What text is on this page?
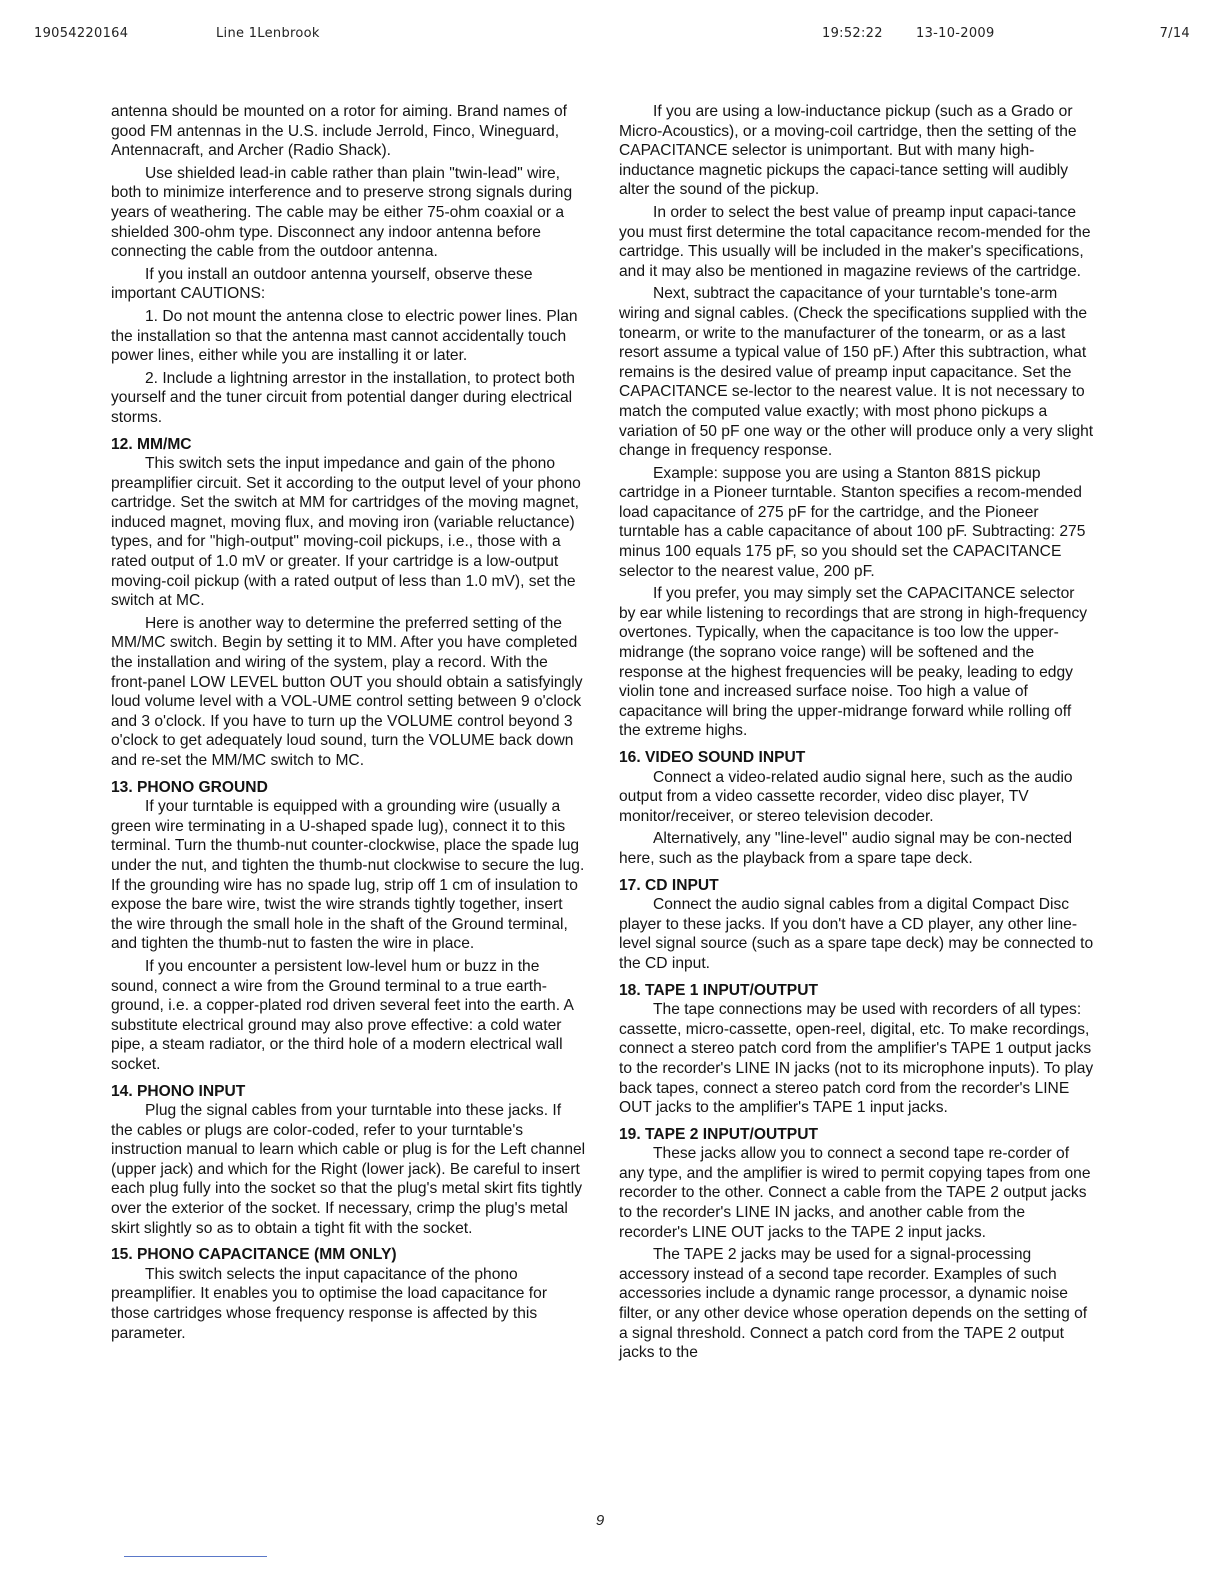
19054220164	Line 1Lenbrook	19:52:22	13-10-2009	7/14

antenna should be mounted on a rotor for aiming. Brand names of good FM antennas in the U.S. include Jerrold, Finco, Wineguard, Antennacraft, and Archer (Radio Shack).

Use shielded lead-in cable rather than plain "twin-lead" wire, both to minimize interference and to preserve strong signals during years of weathering. The cable may be either 75-ohm coaxial or a shielded 300-ohm type. Disconnect any indoor antenna before connecting the cable from the outdoor antenna.

If you install an outdoor antenna yourself, observe these important CAUTIONS:

1. Do not mount the antenna close to electric power lines. Plan the installation so that the antenna mast cannot accidentally touch power lines, either while you are installing it or later.

2. Include a lightning arrestor in the installation, to protect both yourself and the tuner circuit from potential danger during electrical storms.

12. MM/MC

This switch sets the input impedance and gain of the phono preamplifier circuit. Set it according to the output level of your phono cartridge. Set the switch at MM for cartridges of the moving magnet, induced magnet, moving flux, and moving iron (variable reluctance) types, and for "high-output" moving-coil pickups, i.e., those with a rated output of 1.0 mV or greater. If your cartridge is a low-output moving-coil pickup (with a rated output of less than 1.0 mV), set the switch at MC.

Here is another way to determine the preferred setting of the MM/MC switch. Begin by setting it to MM. After you have completed the installation and wiring of the system, play a record. With the front-panel LOW LEVEL button OUT you should obtain a satisfyingly loud volume level with a VOL-UME control setting between 9 o'clock and 3 o'clock. If you have to turn up the VOLUME control beyond 3 o'clock to get adequately loud sound, turn the VOLUME back down and re-set the MM/MC switch to MC.

13. PHONO GROUND

If your turntable is equipped with a grounding wire (usually a green wire terminating in a U-shaped spade lug), connect it to this terminal. Turn the thumb-nut counter-clockwise, place the spade lug under the nut, and tighten the thumb-nut clockwise to secure the lug. If the grounding wire has no spade lug, strip off 1 cm of insulation to expose the bare wire, twist the wire strands tightly together, insert the wire through the small hole in the shaft of the Ground terminal, and tighten the thumb-nut to fasten the wire in place.

If you encounter a persistent low-level hum or buzz in the sound, connect a wire from the Ground terminal to a true earth-ground, i.e. a copper-plated rod driven several feet into the earth. A substitute electrical ground may also prove effective: a cold water pipe, a steam radiator, or the third hole of a modern electrical wall socket.

14. PHONO INPUT

Plug the signal cables from your turntable into these jacks. If the cables or plugs are color-coded, refer to your turntable's instruction manual to learn which cable or plug is for the Left channel (upper jack) and which for the Right (lower jack). Be careful to insert each plug fully into the socket so that the plug's metal skirt fits tightly over the exterior of the socket. If necessary, crimp the plug's metal skirt slightly so as to obtain a tight fit with the socket.

15. PHONO CAPACITANCE (MM ONLY)

This switch selects the input capacitance of the phono preamplifier. It enables you to optimise the load capacitance for those cartridges whose frequency response is affected by this parameter.

If you are using a low-inductance pickup (such as a Grado or Micro-Acoustics), or a moving-coil cartridge, then the setting of the CAPACITANCE selector is unimportant. But with many high-inductance magnetic pickups the capaci-tance setting will audibly alter the sound of the pickup.

In order to select the best value of preamp input capaci-tance you must first determine the total capacitance recom-mended for the cartridge. This usually will be included in the maker's specifications, and it may also be mentioned in magazine reviews of the cartridge.

Next, subtract the capacitance of your turntable's tone-arm wiring and signal cables. (Check the specifications supplied with the tonearm, or write to the manufacturer of the tonearm, or as a last resort assume a typical value of 150 pF.) After this subtraction, what remains is the desired value of preamp input capacitance. Set the CAPACITANCE se-lector to the nearest value. It is not necessary to match the computed value exactly; with most phono pickups a variation of 50 pF one way or the other will produce only a very slight change in frequency response.

Example: suppose you are using a Stanton 881S pickup cartridge in a Pioneer turntable. Stanton specifies a recom-mended load capacitance of 275 pF for the cartridge, and the Pioneer turntable has a cable capacitance of about 100 pF. Subtracting: 275 minus 100 equals 175 pF, so you should set the CAPACITANCE selector to the nearest value, 200 pF.

If you prefer, you may simply set the CAPACITANCE selector by ear while listening to recordings that are strong in high-frequency overtones. Typically, when the capacitance is too low the upper-midrange (the soprano voice range) will be softened and the response at the highest frequencies will be peaky, leading to edgy violin tone and increased surface noise. Too high a value of capacitance will bring the upper-midrange forward while rolling off the extreme highs.

16. VIDEO SOUND INPUT

Connect a video-related audio signal here, such as the audio output from a video cassette recorder, video disc player, TV monitor/receiver, or stereo television decoder.

Alternatively, any "line-level" audio signal may be con-nected here, such as the playback from a spare tape deck.

17. CD INPUT

Connect the audio signal cables from a digital Compact Disc player to these jacks. If you don't have a CD player, any other line-level signal source (such as a spare tape deck) may be connected to the CD input.

18. TAPE 1 INPUT/OUTPUT

The tape connections may be used with recorders of all types: cassette, micro-cassette, open-reel, digital, etc. To make recordings, connect a stereo patch cord from the amplifier's TAPE 1 output jacks to the recorder's LINE IN jacks (not to its microphone inputs). To play back tapes, connect a stereo patch cord from the recorder's LINE OUT jacks to the amplifier's TAPE 1 input jacks.

19. TAPE 2 INPUT/OUTPUT

These jacks allow you to connect a second tape re-corder of any type, and the amplifier is wired to permit copying tapes from one recorder to the other. Connect a cable from the TAPE 2 output jacks to the recorder's LINE IN jacks, and another cable from the recorder's LINE OUT jacks to the TAPE 2 input jacks.

The TAPE 2 jacks may be used for a signal-processing accessory instead of a second tape recorder. Examples of such accessories include a dynamic range processor, a dynamic noise filter, or any other device whose operation depends on the setting of a signal threshold. Connect a patch cord from the TAPE 2 output jacks to the

9
